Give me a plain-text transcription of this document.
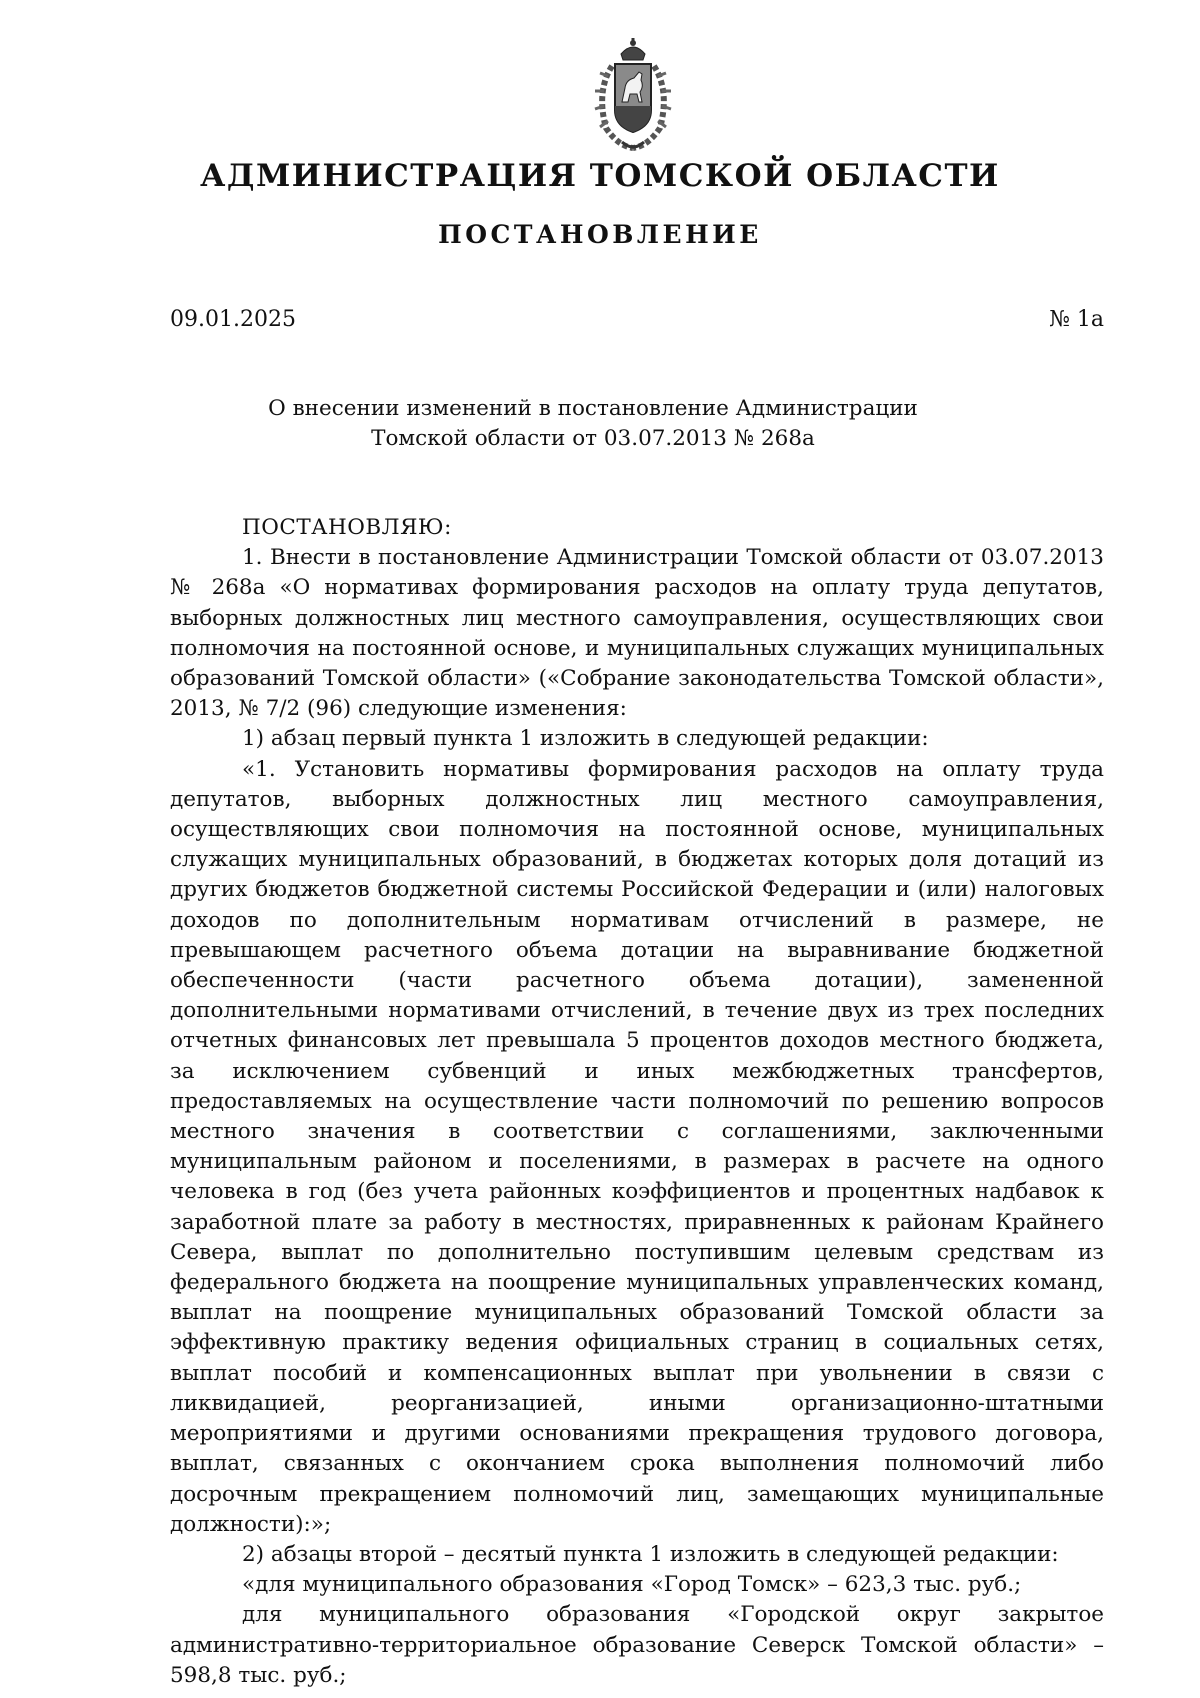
АДМИНИСТРАЦИЯ ТОМСКОЙ ОБЛАСТИ
ПОСТАНОВЛЕНИЕ
09.01.2025	№ 1а
О внесении изменений в постановление Администрации
Томской области от 03.07.2013 № 268а

ПОСТАНОВЛЯЮ:

1. Внести в постановление Администрации Томской области от 03.07.2013 № 268а «О нормативах формирования расходов на оплату труда депутатов, выборных должностных лиц местного самоуправления, осуществляющих свои полномочия на постоянной основе, и муниципальных служащих муниципальных образований Томской области» («Собрание законодательства Томской области», 2013, № 7/2 (96) следующие изменения:

1) абзац первый пункта 1 изложить в следующей редакции:

«1. Установить нормативы формирования расходов на оплату труда депутатов, выборных должностных лиц местного самоуправления, осуществляющих свои полномочия на постоянной основе, муниципальных служащих муниципальных образований, в бюджетах которых доля дотаций из других бюджетов бюджетной системы Российской Федерации и (или) налоговых доходов по дополнительным нормативам отчислений в размере, не превышающем расчетного объема дотации на выравнивание бюджетной обеспеченности (части расчетного объема дотации), замененной дополнительными нормативами отчислений, в течение двух из трех последних отчетных финансовых лет превышала 5 процентов доходов местного бюджета, за исключением субвенций и иных межбюджетных трансфертов, предоставляемых на осуществление части полномочий по решению вопросов местного значения в соответствии с соглашениями, заключенными муниципальным районом и поселениями, в размерах в расчете на одного человека в год (без учета районных коэффициентов и процентных надбавок к заработной плате за работу в местностях, приравненных к районам Крайнего Севера, выплат по дополнительно поступившим целевым средствам из федерального бюджета на поощрение муниципальных управленческих команд, выплат на поощрение муниципальных образований Томской области за эффективную практику ведения официальных страниц в социальных сетях, выплат пособий и компенсационных выплат при увольнении в связи с ликвидацией, реорганизацией, иными организационно-штатными мероприятиями и другими основаниями прекращения трудового договора, выплат, связанных с окончанием срока выполнения полномочий либо досрочным прекращением полномочий лиц, замещающих муниципальные должности):»;

2) абзацы второй – десятый пункта 1 изложить в следующей редакции:

«для муниципального образования «Город Томск» – 623,3 тыс. руб.;

для муниципального образования «Городской округ закрытое административно-территориальное образование Северск Томской области» – 598,8 тыс. руб.;
